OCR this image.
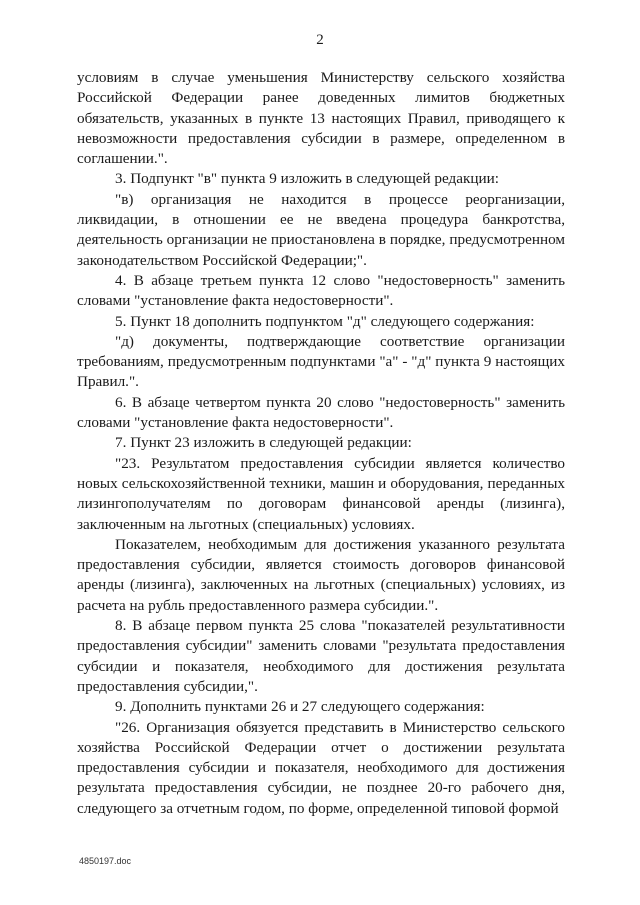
2

условиям в случае уменьшения Министерству сельского хозяйства Российской Федерации ранее доведенных лимитов бюджетных обязательств, указанных в пункте 13 настоящих Правил, приводящего к невозможности предоставления субсидии в размере, определенном в соглашении.".

3. Подпункт "в" пункта 9 изложить в следующей редакции:

"в) организация не находится в процессе реорганизации, ликвидации, в отношении ее не введена процедура банкротства, деятельность организации не приостановлена в порядке, предусмотренном законодательством Российской Федерации;".

4. В абзаце третьем пункта 12 слово "недостоверность" заменить словами "установление факта недостоверности".

5. Пункт 18 дополнить подпунктом "д" следующего содержания:

"д) документы, подтверждающие соответствие организации требованиям, предусмотренным подпунктами "а" - "д" пункта 9 настоящих Правил.".

6. В абзаце четвертом пункта 20 слово "недостоверность" заменить словами "установление факта недостоверности".

7. Пункт 23 изложить в следующей редакции:

"23. Результатом предоставления субсидии является количество новых сельскохозяйственной техники, машин и оборудования, переданных лизингополучателям по договорам финансовой аренды (лизинга), заключенным на льготных (специальных) условиях.

Показателем, необходимым для достижения указанного результата предоставления субсидии, является стоимость договоров финансовой аренды (лизинга), заключенных на льготных (специальных) условиях, из расчета на рубль предоставленного размера субсидии.".

8. В абзаце первом пункта 25 слова "показателей результативности предоставления субсидии" заменить словами "результата предоставления субсидии и показателя, необходимого для достижения результата предоставления субсидии,".

9. Дополнить пунктами 26 и 27 следующего содержания:

"26. Организация обязуется представить в Министерство сельского хозяйства Российской Федерации отчет о достижении результата предоставления субсидии и показателя, необходимого для достижения результата предоставления субсидии, не позднее 20-го рабочего дня, следующего за отчетным годом, по форме, определенной типовой формой

4850197.doc
